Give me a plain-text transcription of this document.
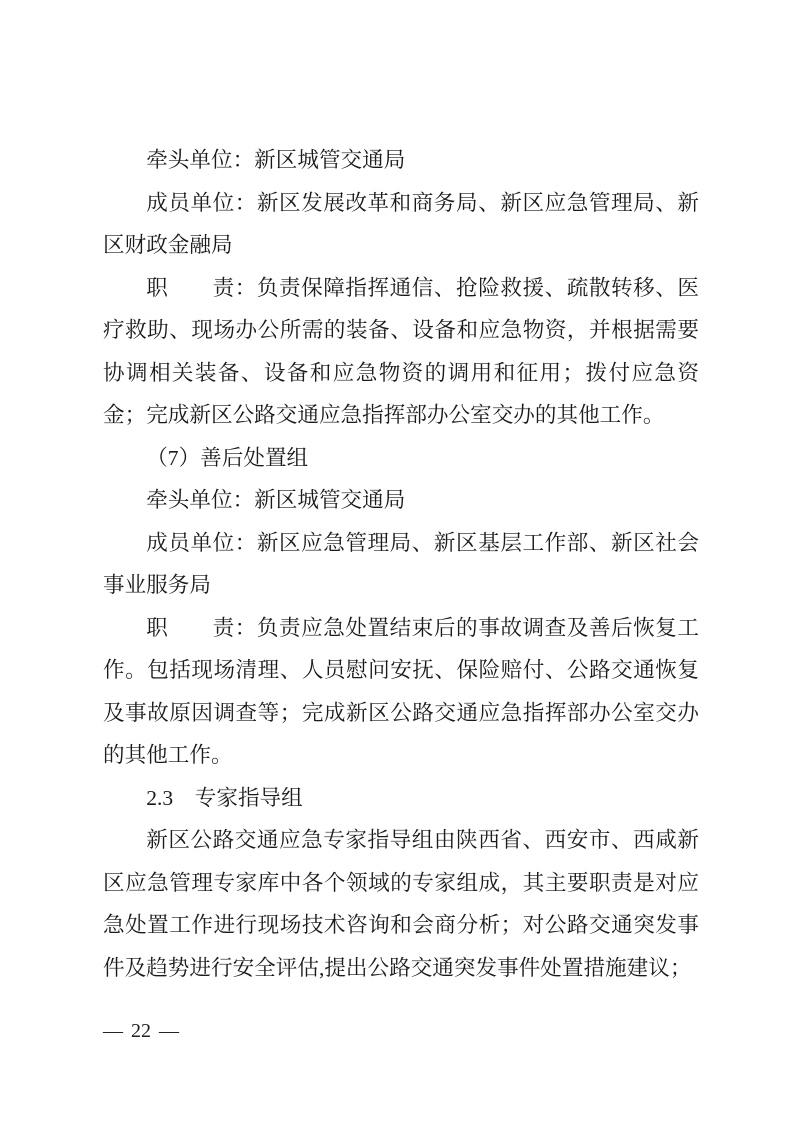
牵头单位：新区城管交通局

成员单位：新区发展改革和商务局、新区应急管理局、新区财政金融局

职　　责：负责保障指挥通信、抢险救援、疏散转移、医疗救助、现场办公所需的装备、设备和应急物资，并根据需要协调相关装备、设备和应急物资的调用和征用；拨付应急资金；完成新区公路交通应急指挥部办公室交办的其他工作。

（7）善后处置组

牵头单位：新区城管交通局

成员单位：新区应急管理局、新区基层工作部、新区社会事业服务局

职　　责：负责应急处置结束后的事故调查及善后恢复工作。包括现场清理、人员慰问安抚、保险赔付、公路交通恢复及事故原因调查等；完成新区公路交通应急指挥部办公室交办的其他工作。

2.3　专家指导组

新区公路交通应急专家指导组由陕西省、西安市、西咸新区应急管理专家库中各个领域的专家组成，其主要职责是对应急处置工作进行现场技术咨询和会商分析；对公路交通突发事件及趋势进行安全评估,提出公路交通突发事件处置措施建议；

— 22 —
